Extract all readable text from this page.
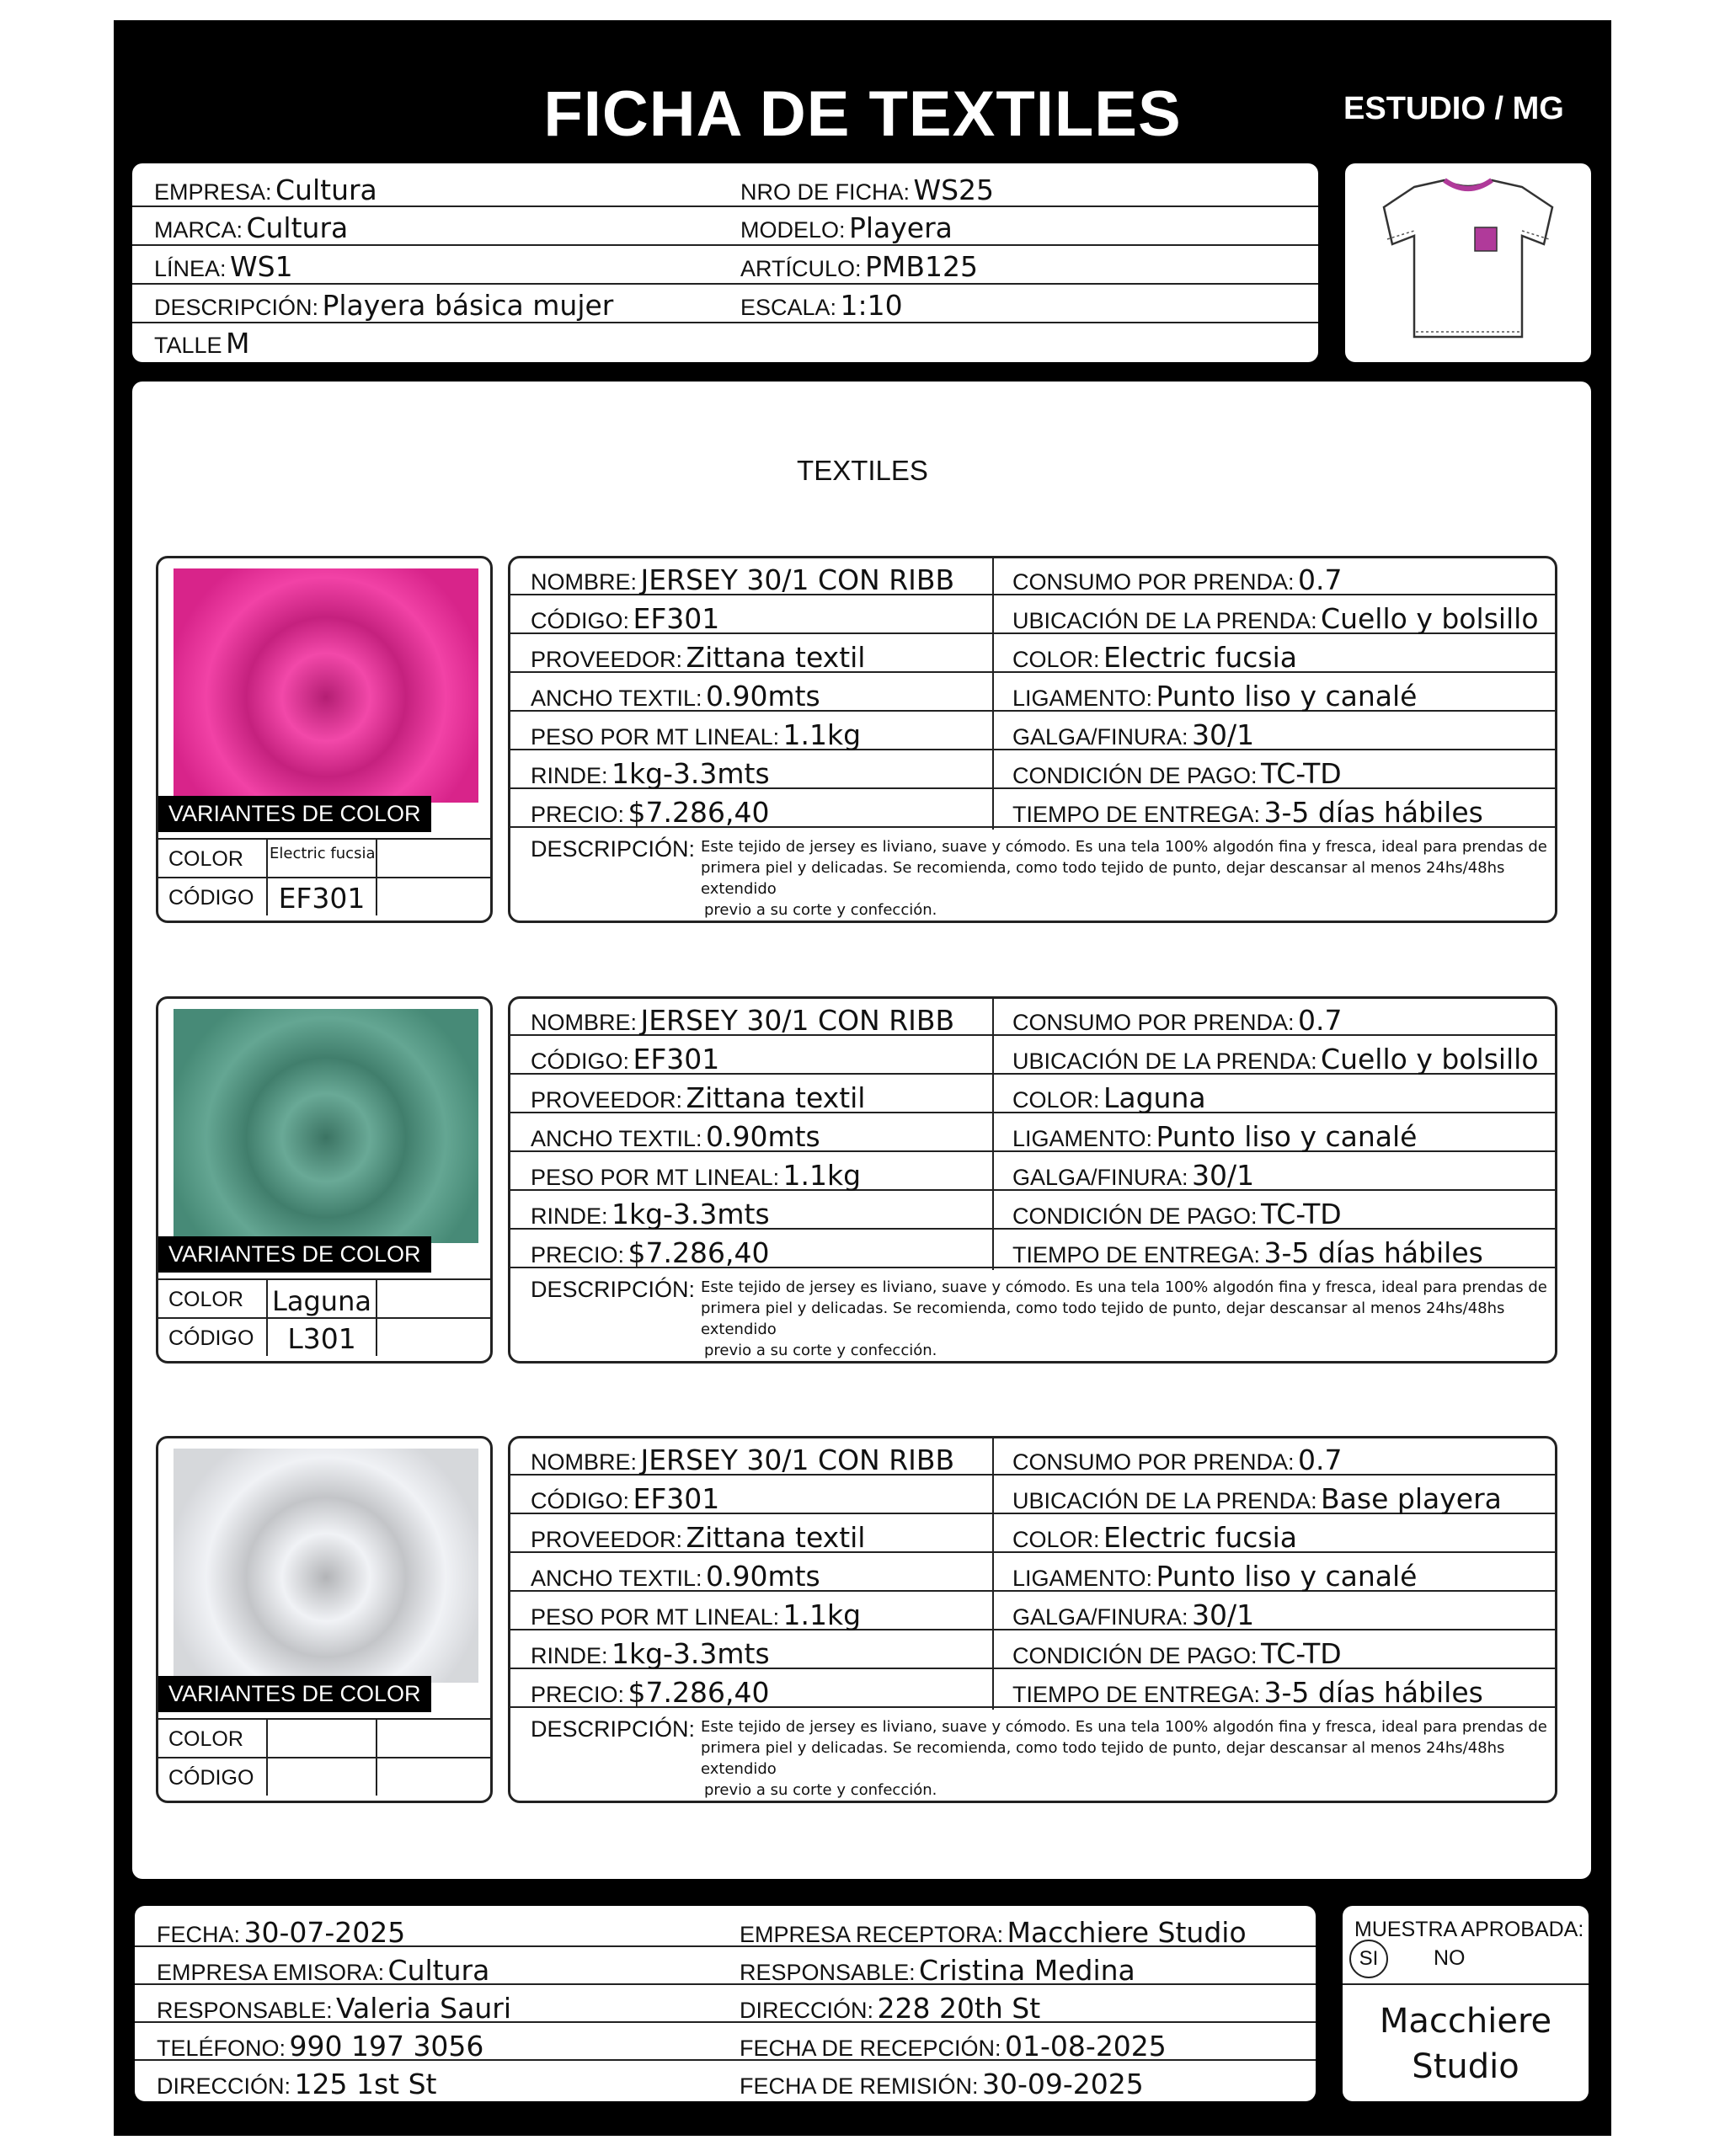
FICHA DE TEXTILES	ESTUDIO / MG
EMPRESA: Cultura
MARCA: Cultura
LÍNEA: WS1
DESCRIPCIÓN: Playera básica mujer
TALLE M
NRO DE FICHA: WS25
MODELO: Playera
ARTÍCULO: PMB125
ESCALA: 1:10
TEXTILES
VARIANTES DE COLOR
COLOR
CÓDIGO
Electric fucsia
EF301
NOMBRE: JERSEY 30/1 CON RIBB
CÓDIGO: EF301
PROVEEDOR: Zittana textil
ANCHO TEXTIL: 0.90mts
PESO POR MT LINEAL: 1.1kg
RINDE: 1kg-3.3mts
PRECIO: $7.286,40
CONSUMO POR PRENDA: 0.7
UBICACIÓN DE LA PRENDA: Cuello y bolsillo
COLOR: Electric fucsia
LIGAMENTO: Punto liso y canalé
GALGA/FINURA: 30/1
CONDICIÓN DE PAGO: TC-TD
TIEMPO DE ENTREGA: 3-5 días hábiles
DESCRIPCIÓN: Este tejido de jersey es liviano, suave y cómodo. Es una tela 100% algodón fina y fresca, ideal para prendas de
primera piel y delicadas. Se recomienda, como todo tejido de punto, dejar descansar al menos 24hs/48hs extendido
previo a su corte y confección.
VARIANTES DE COLOR
COLOR
CÓDIGO
Laguna
L301
NOMBRE: JERSEY 30/1 CON RIBB
CÓDIGO: EF301
PROVEEDOR: Zittana textil
ANCHO TEXTIL: 0.90mts
PESO POR MT LINEAL: 1.1kg
RINDE: 1kg-3.3mts
PRECIO: $7.286,40
CONSUMO POR PRENDA: 0.7
UBICACIÓN DE LA PRENDA: Cuello y bolsillo
COLOR: Laguna
LIGAMENTO: Punto liso y canalé
GALGA/FINURA: 30/1
CONDICIÓN DE PAGO: TC-TD
TIEMPO DE ENTREGA: 3-5 días hábiles
DESCRIPCIÓN: Este tejido de jersey es liviano, suave y cómodo. Es una tela 100% algodón fina y fresca, ideal para prendas de
primera piel y delicadas. Se recomienda, como todo tejido de punto, dejar descansar al menos 24hs/48hs extendido
previo a su corte y confección.
VARIANTES DE COLOR
COLOR
CÓDIGO
NOMBRE: JERSEY 30/1 CON RIBB
CÓDIGO: EF301
PROVEEDOR: Zittana textil
ANCHO TEXTIL: 0.90mts
PESO POR MT LINEAL: 1.1kg
RINDE: 1kg-3.3mts
PRECIO: $7.286,40
CONSUMO POR PRENDA: 0.7
UBICACIÓN DE LA PRENDA: Base playera
COLOR: Electric fucsia
LIGAMENTO: Punto liso y canalé
GALGA/FINURA: 30/1
CONDICIÓN DE PAGO: TC-TD
TIEMPO DE ENTREGA: 3-5 días hábiles
DESCRIPCIÓN: Este tejido de jersey es liviano, suave y cómodo. Es una tela 100% algodón fina y fresca, ideal para prendas de
primera piel y delicadas. Se recomienda, como todo tejido de punto, dejar descansar al menos 24hs/48hs extendido
previo a su corte y confección.
FECHA: 30-07-2025
EMPRESA EMISORA: Cultura
RESPONSABLE: Valeria Sauri
TELÉFONO: 990 197 3056
DIRECCIÓN: 125 1st St
EMPRESA RECEPTORA: Macchiere Studio
RESPONSABLE: Cristina Medina
DIRECCIÓN: 228 20th St
FECHA DE RECEPCIÓN: 01-08-2025
FECHA DE REMISIÓN: 30-09-2025
MUESTRA APROBADA:
SI	NO
Macchiere
Studio
